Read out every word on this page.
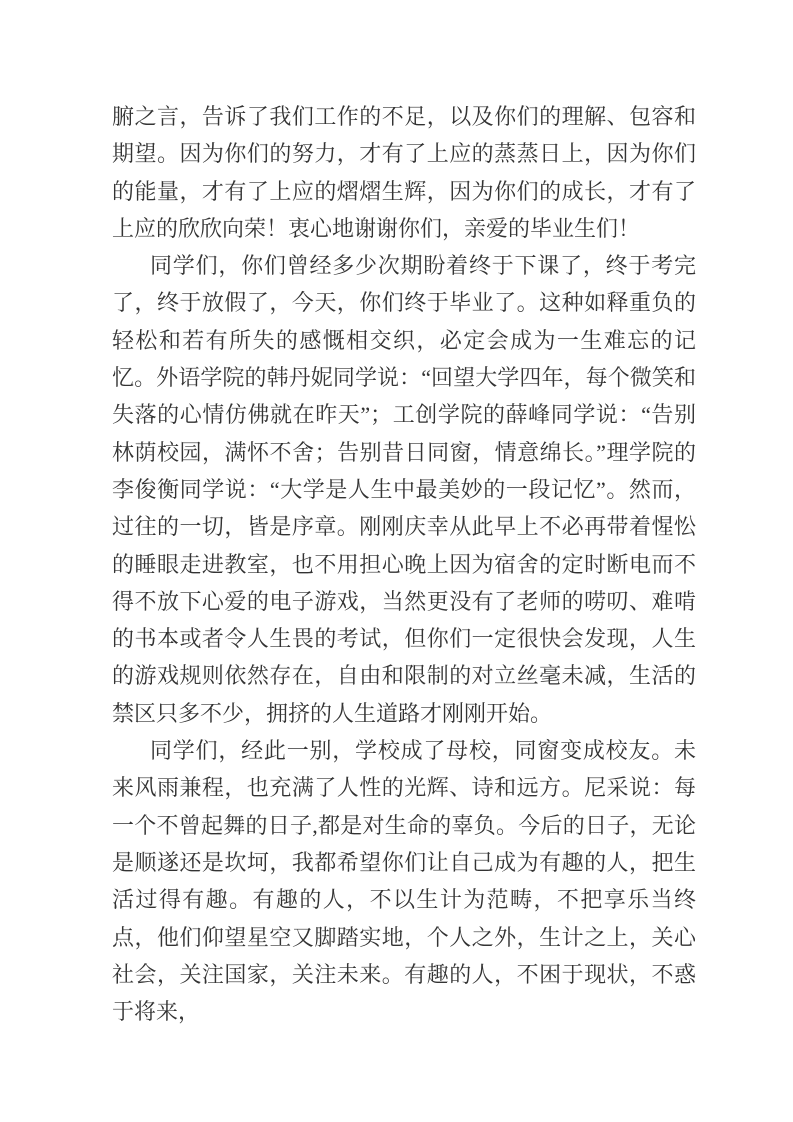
腑之言，告诉了我们工作的不足，以及你们的理解、包容和期望。因为你们的努力，才有了上应的蒸蒸日上，因为你们的能量，才有了上应的熠熠生辉，因为你们的成长，才有了上应的欣欣向荣！衷心地谢谢你们，亲爱的毕业生们！

同学们，你们曾经多少次期盼着终于下课了，终于考完了，终于放假了，今天，你们终于毕业了。这种如释重负的轻松和若有所失的感慨相交织，必定会成为一生难忘的记忆。外语学院的韩丹妮同学说：“回望大学四年，每个微笑和失落的心情仿佛就在昨天”；工创学院的薛峰同学说：“告别林荫校园，满怀不舍；告别昔日同窗，情意绵长。”理学院的李俊衡同学说：“大学是人生中最美妙的一段记忆”。然而，过往的一切，皆是序章。刚刚庆幸从此早上不必再带着惺忪的睡眼走进教室，也不用担心晚上因为宿舍的定时断电而不得不放下心爱的电子游戏，当然更没有了老师的唠叨、难啃的书本或者令人生畏的考试，但你们一定很快会发现，人生的游戏规则依然存在，自由和限制的对立丝毫未减，生活的禁区只多不少，拥挤的人生道路才刚刚开始。

同学们，经此一别，学校成了母校，同窗变成校友。未来风雨兼程，也充满了人性的光辉、诗和远方。尼采说：每一个不曾起舞的日子,都是对生命的辜负。今后的日子，无论是顺遂还是坎坷，我都希望你们让自己成为有趣的人，把生活过得有趣。有趣的人，不以生计为范畴，不把享乐当终点，他们仰望星空又脚踏实地，个人之外，生计之上，关心社会，关注国家，关注未来。有趣的人，不困于现状，不惑于将来，
